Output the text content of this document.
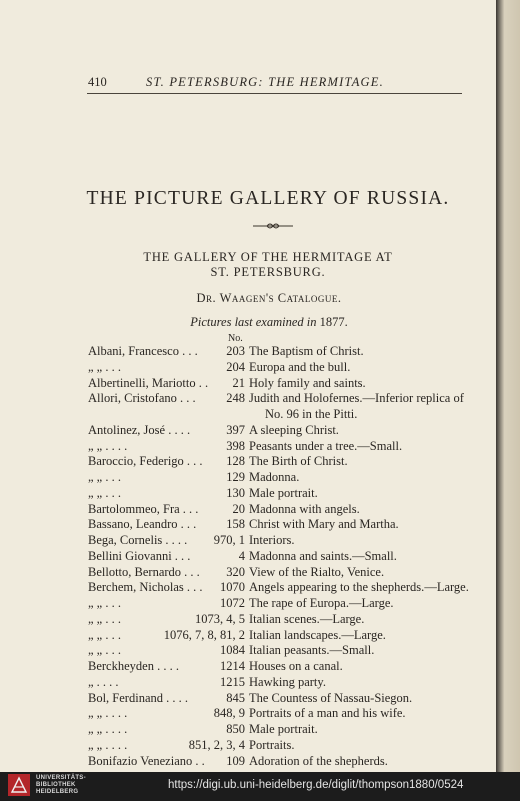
410	ST. PETERSBURG: THE HERMITAGE.
THE PICTURE GALLERY OF RUSSIA.
THE GALLERY OF THE HERMITAGE AT
ST. PETERSBURG.
Dr. Waagen's Catalogue.
Pictures last examined in 1877.
No.
Albani, Francesco . . . 203 The Baptism of Christ.
„ „ . . .	204 Europa and the bull.
Albertinelli, Mariotto . . 21 Holy family and saints.
Allori, Cristofano . . . 248 Judith and Holofernes.—Inferior replica of
No. 96 in the Pitti.
Antolinez, José . . . .	397 A sleeping Christ.
„ „ . . . .	398 Peasants under a tree.—Small.
Baroccio, Federigo . . . 128 The Birth of Christ.
„ „ . . .	129 Madonna.
„ „ . . .	130 Male portrait.
Bartolommeo, Fra . . .	20 Madonna with angels.
Bassano, Leandro . . . 158 Christ with Mary and Martha.
Bega, Cornelis . . . . 970, 1 Interiors.
Bellini Giovanni . . .	4 Madonna and saints.—Small.
Bellotto, Bernardo . . . 320 View of the Rialto, Venice.
Berchem, Nicholas . . . 1070 Angels appearing to the shepherds.—Large.
„ „ . . .	1072 The rape of Europa.—Large.
„ „ . . .	1073, 4, 5 Italian scenes.—Large.
„ „ . . .	1076, 7, 8, 81, 2 Italian landscapes.—Large.
„ „ . . .	1084 Italian peasants.—Small.
Berckheyden . . . .	1214 Houses on a canal.
„ . . . .	1215 Hawking party.
Bol, Ferdinand . . . .	845 The Countess of Nassau-Siegon.
„ „ . . . .	848, 9 Portraits of a man and his wife.
„ „ . . . .	850 Male portrait.
„ „ . . . .	851, 2, 3, 4 Portraits.
Bonifazio Veneziano . . 109 Adoration of the shepherds.
UNIVERSITÄTS-
BIBLIOTHEK
HEIDELBERG
https://digi.ub.uni-heidelberg.de/diglit/thompson1880/0524
